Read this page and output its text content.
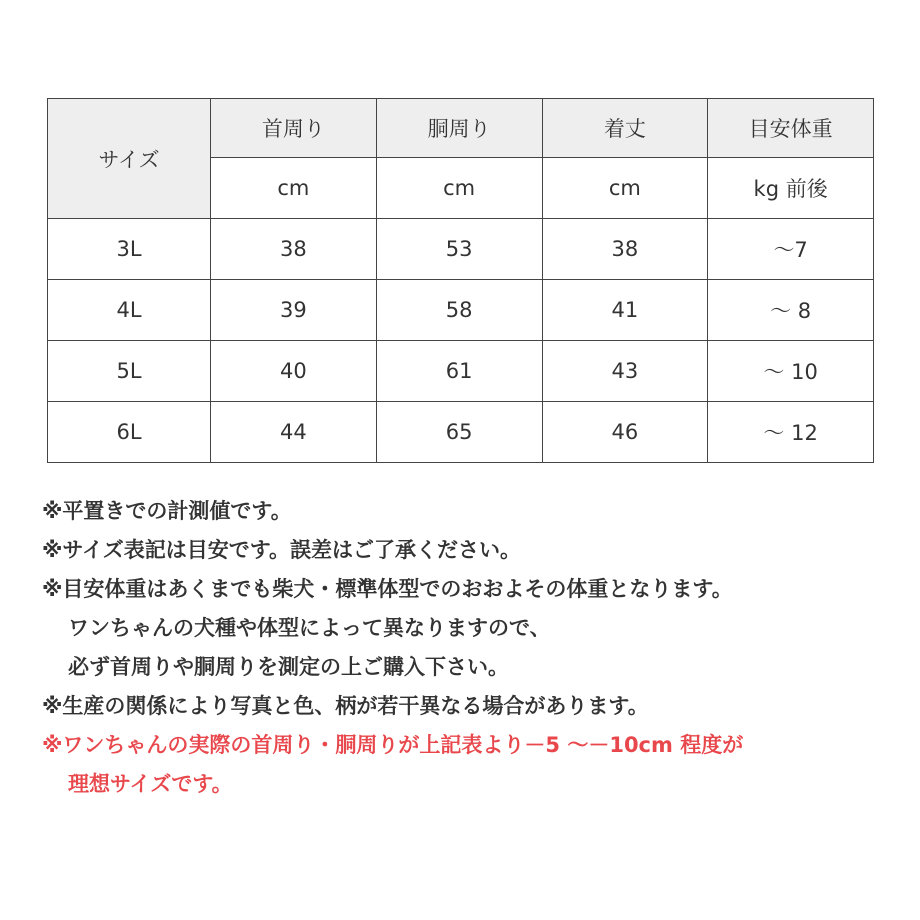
サイズ	首周り	胴周り	着丈	目安体重
	cm	cm	cm	kg 前後
3L	38	53	38	～7
4L	39	58	41	～ 8
5L	40	61	43	～ 10
6L	44	65	46	～ 12
※平置きでの計測値です。
※サイズ表記は目安です。誤差はご了承ください。
※目安体重はあくまでも柴犬・標準体型でのおおよその体重となります。
ワンちゃんの犬種や体型によって異なりますので、
必ず首周りや胴周りを測定の上ご購入下さい。
※生産の関係により写真と色、柄が若干異なる場合があります。
※ワンちゃんの実際の首周り・胴周りが上記表より－5 ～－10cm 程度が
理想サイズです。
